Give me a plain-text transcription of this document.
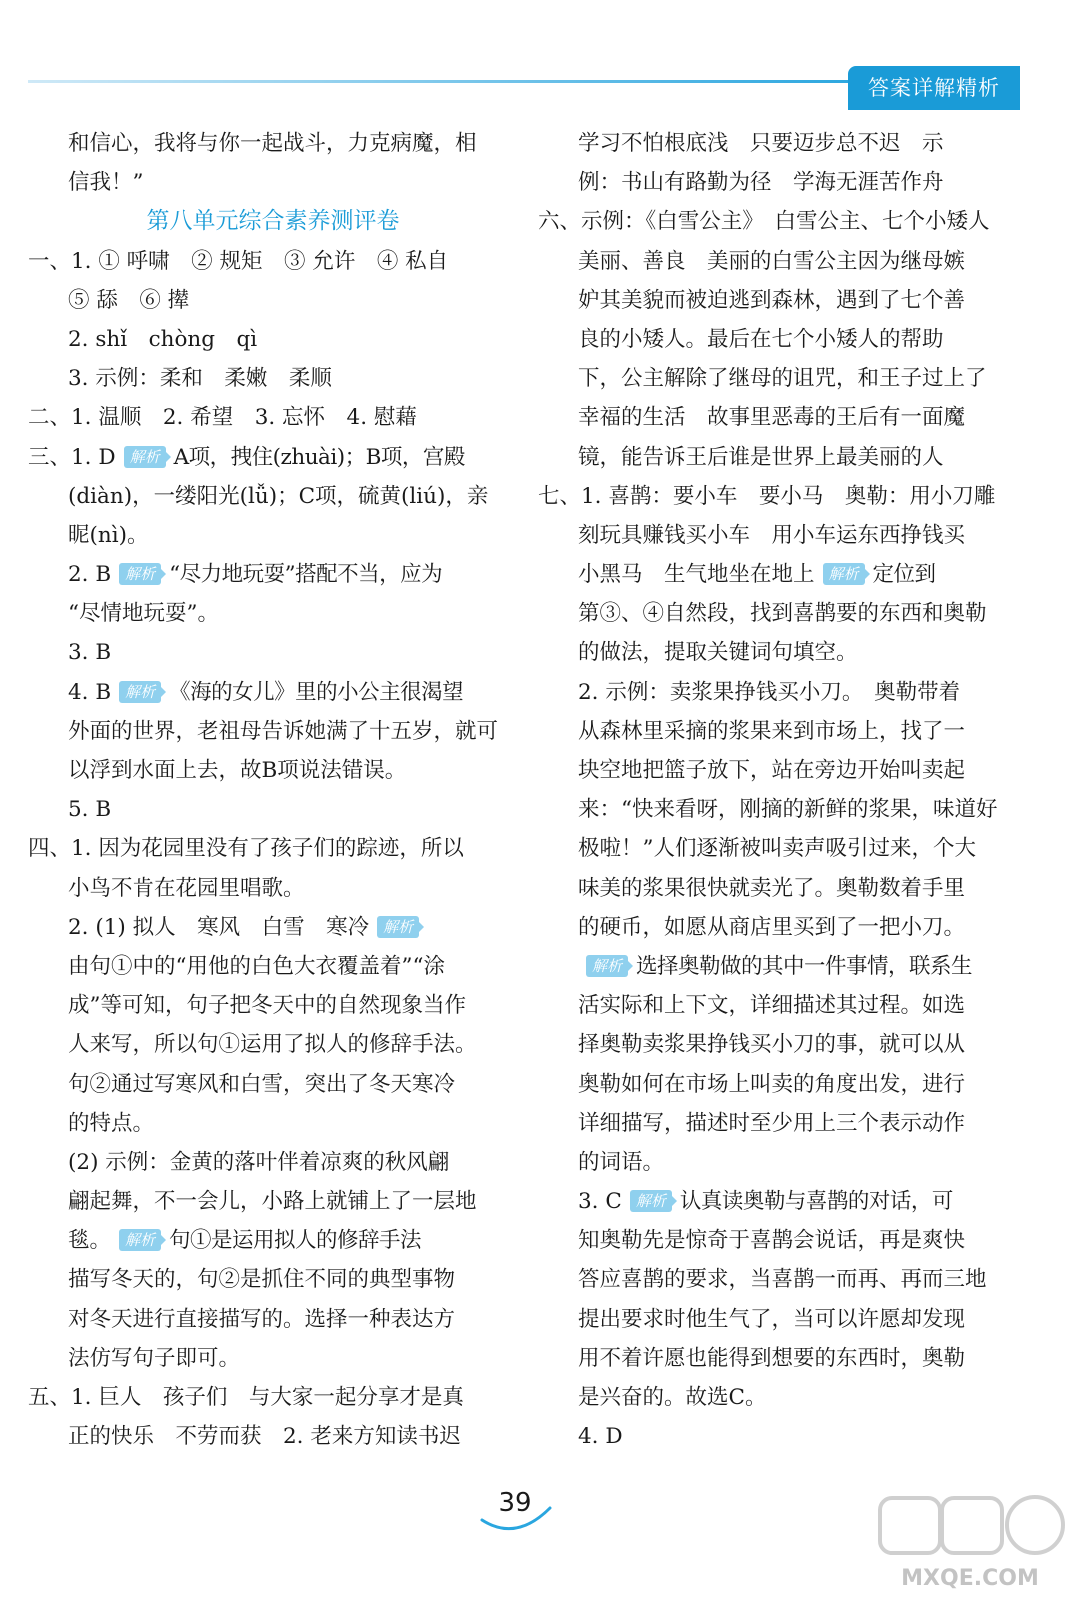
答案详解精析
和信心，我将与你一起战斗，力克病魔，相
信我！”
第八单元综合素养测评卷
一、1. ① 呼啸　② 规矩　③ 允许　④ 私自
⑤ 舔　⑥ 撵
2. shǐ　chòng　qì
3. 示例：柔和　柔嫩　柔顺
二、1. 温顺　2. 希望　3. 忘怀　4. 慰藉
三、1. D 解析 A项，拽住(zhuài)；B项，宫殿
(diàn)，一缕阳光(lǚ)；C项，硫黄(liú)，亲
昵(nì)。
2. B 解析 “尽力地玩耍”搭配不当，应为
“尽情地玩耍”。
3. B
4. B 解析 《海的女儿》里的小公主很渴望
外面的世界，老祖母告诉她满了十五岁，就可
以浮到水面上去，故B项说法错误。
5. B
四、1. 因为花园里没有了孩子们的踪迹，所以
小鸟不肯在花园里唱歌。
2. (1) 拟人　寒风　白雪　寒冷 解析
由句①中的“用他的白色大衣覆盖着”“涂
成”等可知，句子把冬天中的自然现象当作
人来写，所以句①运用了拟人的修辞手法。
句②通过写寒风和白雪，突出了冬天寒冷
的特点。
(2) 示例：金黄的落叶伴着凉爽的秋风翩
翩起舞，不一会儿，小路上就铺上了一层地
毯。 解析 句①是运用拟人的修辞手法
描写冬天的，句②是抓住不同的典型事物
对冬天进行直接描写的。选择一种表达方
法仿写句子即可。
五、1. 巨人　孩子们　与大家一起分享才是真
正的快乐　不劳而获　2. 老来方知读书迟
学习不怕根底浅　只要迈步总不迟　示
例：书山有路勤为径　学海无涯苦作舟
六、示例：《白雪公主》　白雪公主、七个小矮人
美丽、善良　美丽的白雪公主因为继母嫉
妒其美貌而被迫逃到森林，遇到了七个善
良的小矮人。最后在七个小矮人的帮助
下，公主解除了继母的诅咒，和王子过上了
幸福的生活　故事里恶毒的王后有一面魔
镜，能告诉王后谁是世界上最美丽的人
七、1. 喜鹊：要小车　要小马　奥勒：用小刀雕
刻玩具赚钱买小车　用小车运东西挣钱买
小黑马　生气地坐在地上 解析 定位到
第③、④自然段，找到喜鹊要的东西和奥勒
的做法，提取关键词句填空。
2. 示例：卖浆果挣钱买小刀。　奥勒带着
从森林里采摘的浆果来到市场上，找了一
块空地把篮子放下，站在旁边开始叫卖起
来：“快来看呀，刚摘的新鲜的浆果，味道好
极啦！”人们逐渐被叫卖声吸引过来，个大
味美的浆果很快就卖光了。奥勒数着手里
的硬币，如愿从商店里买到了一把小刀。
解析 选择奥勒做的其中一件事情，联系生
活实际和上下文，详细描述其过程。如选
择奥勒卖浆果挣钱买小刀的事，就可以从
奥勒如何在市场上叫卖的角度出发，进行
详细描写，描述时至少用上三个表示动作
的词语。
3. C 解析 认真读奥勒与喜鹊的对话，可
知奥勒先是惊奇于喜鹊会说话，再是爽快
答应喜鹊的要求，当喜鹊一而再、再而三地
提出要求时他生气了，当可以许愿却发现
用不着许愿也能得到想要的东西时，奥勒
是兴奋的。故选C。
4. D
39
MXQE.COM
